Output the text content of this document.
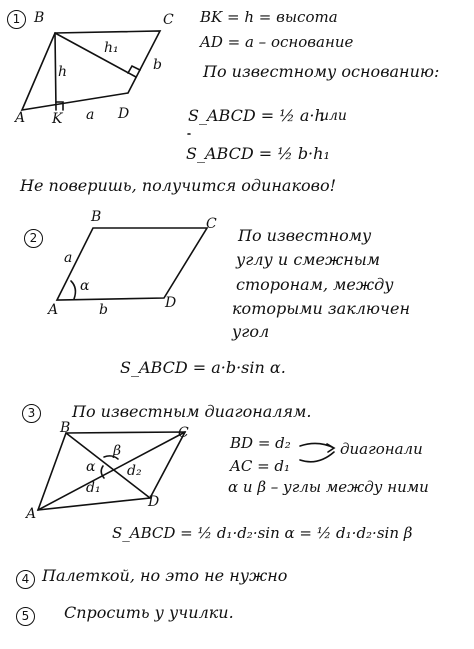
1 B	C
A K a D
h
h₁
b
BK = h = высота
AD = a – основание
По известному основанию:
S_ABCD = ½ a·h
или
S_ABCD = ½ b·h₁
Не поверишь, получится одинаково!
2
B	C
a
α
A	b	D
По известному
углу и смежным
сторонам, между
которыми заключен
угол
S_ABCD = a·b·sin α.
3	По известным диагоналям.
B	C
α
β
d₂
d₁
D
A
BD = d₂	диагонали
AC = d₁
α и β – углы между ними
S_ABCD = ½ d₁·d₂·sin α = ½ d₁·d₂·sin β
4 Палеткой, но это не нужно
5	Спросить у училки.
